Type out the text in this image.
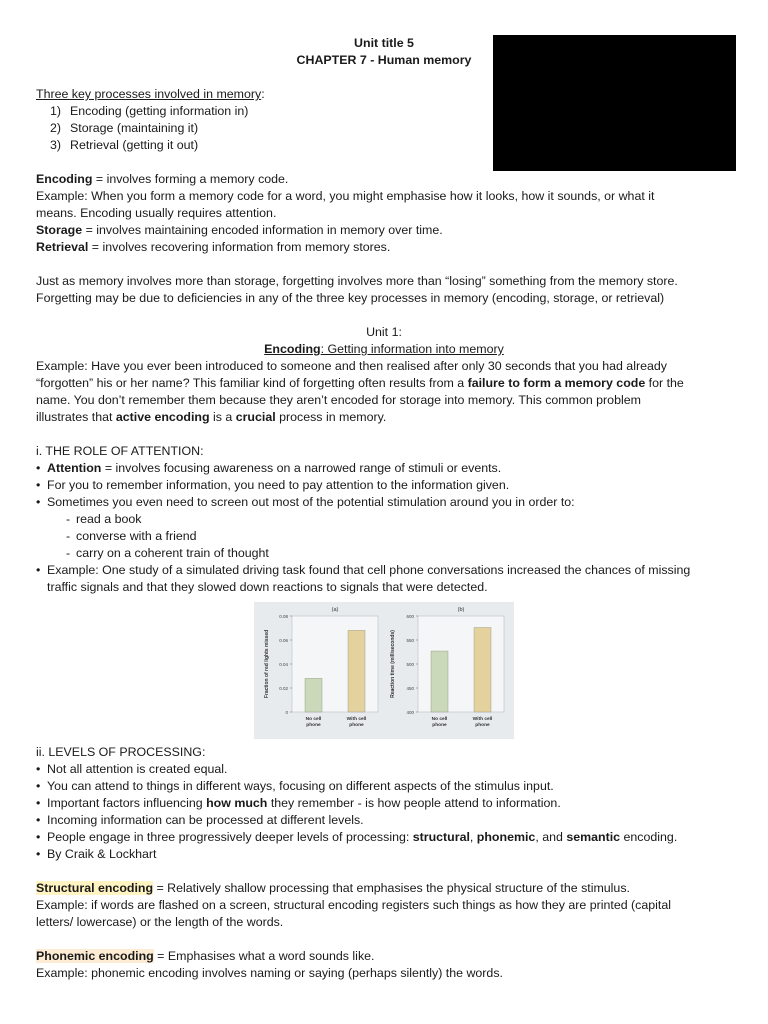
Unit title 5
CHAPTER 7 - Human memory
Three key processes involved in memory:
1) Encoding (getting information in)
2) Storage (maintaining it)
3) Retrieval (getting it out)
Encoding = involves forming a memory code.
Example: When you form a memory code for a word, you might emphasise how it looks, how it sounds, or what it
means. Encoding usually requires attention.
Storage = involves maintaining encoded information in memory over time.
Retrieval = involves recovering information from memory stores.
Just as memory involves more than storage, forgetting involves more than “losing” something from the memory store.
Forgetting may be due to deficiencies in any of the three key processes in memory (encoding, storage, or retrieval)
Unit 1:
Encoding: Getting information into memory
Example: Have you ever been introduced to someone and then realised after only 30 seconds that you had already
“forgotten” his or her name? This familiar kind of forgetting often results from a failure to form a memory code for the
name. You don’t remember them because they aren’t encoded for storage into memory. This common problem
illustrates that active encoding is a crucial process in memory.
i. THE ROLE OF ATTENTION:
• Attention = involves focusing awareness on a narrowed range of stimuli or events.
• For you to remember information, you need to pay attention to the information given.
• Sometimes you even need to screen out most of the potential stimulation around you in order to:
- read a book
- converse with a friend
- carry on a coherent train of thought
• Example: One study of a simulated driving task found that cell phone conversations increased the chances of missing
traffic signals and that they slowed down reactions to signals that were detected.
(a)
0
0.02
0.04
0.06
0.08
Fraction of red lights missed
No cell
phone
With cell
phone
(b)
400
450
500
550
600
Reaction time (milliseconds)
No cell
phone
With cell
phone
ii. LEVELS OF PROCESSING:
• Not all attention is created equal.
• You can attend to things in different ways, focusing on different aspects of the stimulus input.
• Important factors influencing how much they remember - is how people attend to information.
• Incoming information can be processed at different levels.
• People engage in three progressively deeper levels of processing: structural, phonemic, and semantic encoding.
• By Craik & Lockhart
Structural encoding = Relatively shallow processing that emphasises the physical structure of the stimulus.
Example: if words are flashed on a screen, structural encoding registers such things as how they are printed (capital
letters/ lowercase) or the length of the words.
Phonemic encoding = Emphasises what a word sounds like.
Example: phonemic encoding involves naming or saying (perhaps silently) the words.
